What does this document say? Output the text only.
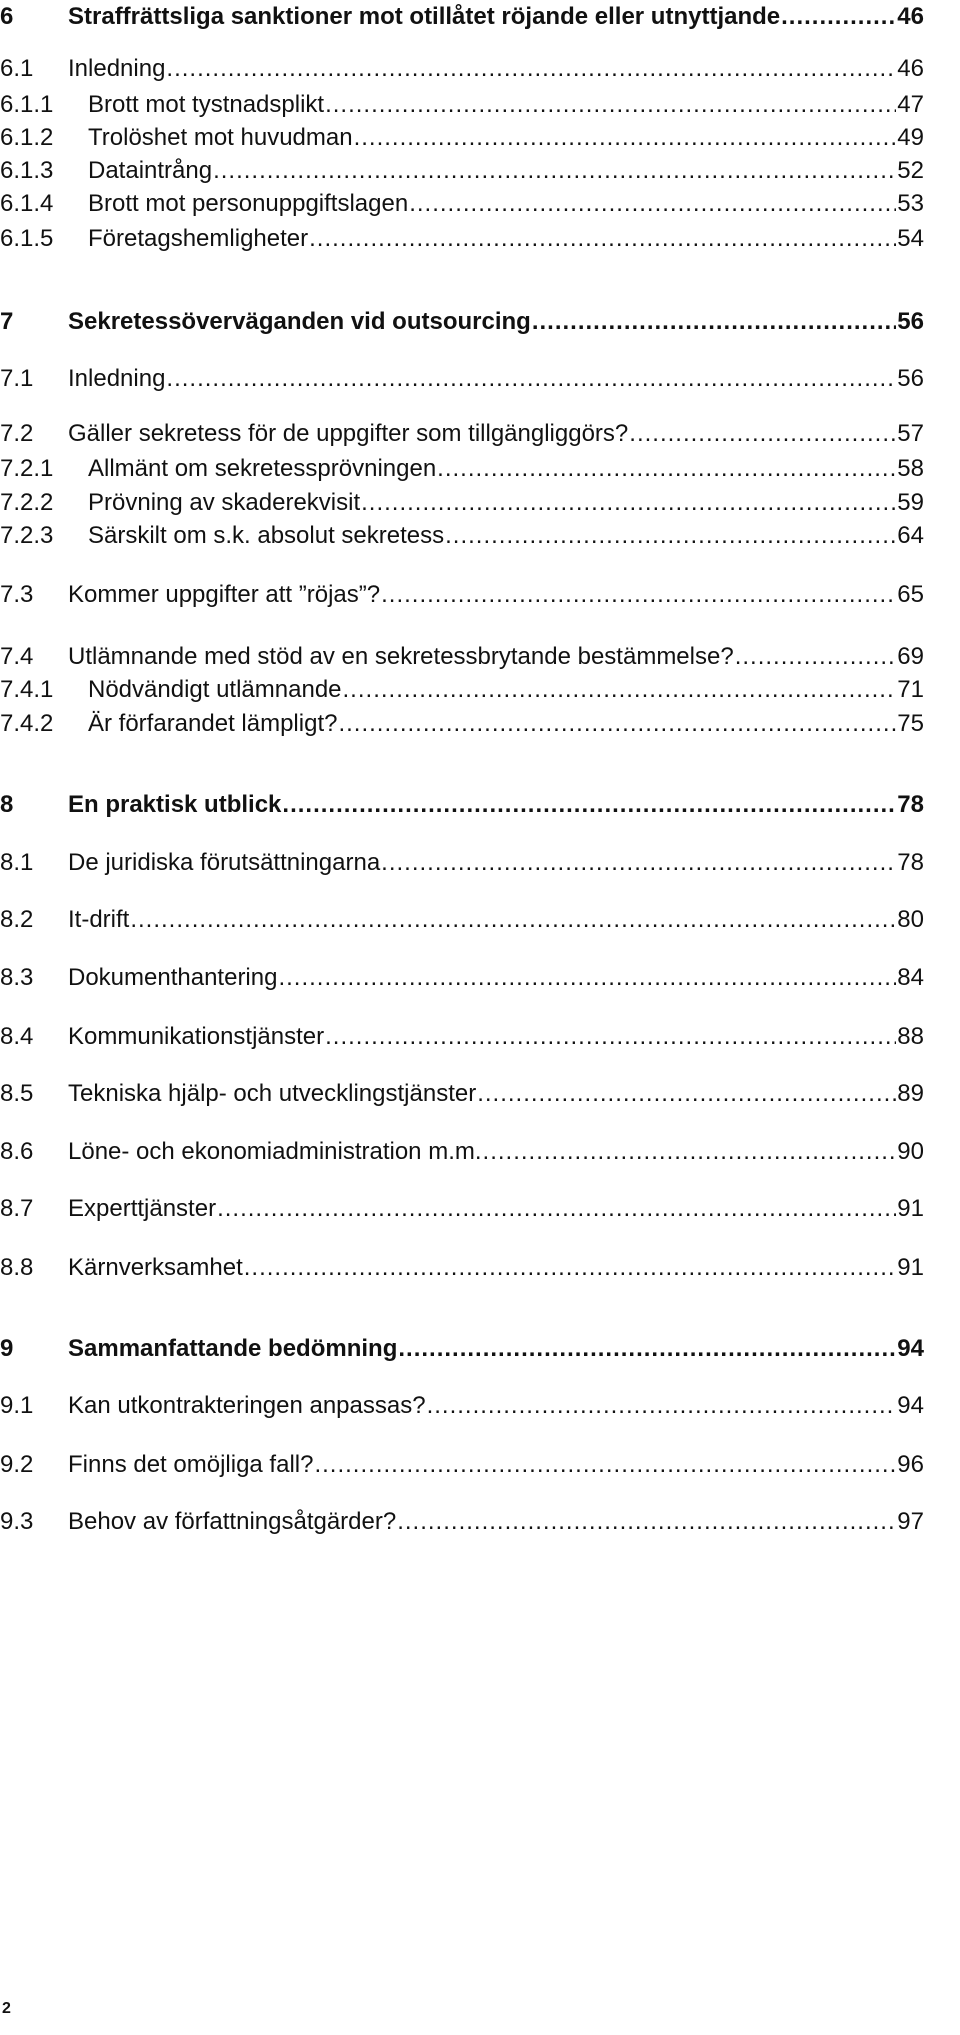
6	Straffrättsliga sanktioner mot otillåtet röjande eller utnyttjande .....	46
6.1	Inledning .....	46
6.1.1	Brott mot tystnadsplikt .....	47
6.1.2	Trolöshet mot huvudman .....	49
6.1.3	Dataintrång .....	52
6.1.4	Brott mot personuppgiftslagen .....	53
6.1.5	Företagshemligheter .....	54
7	Sekretessöverväganden vid outsourcing .....	56
7.1	Inledning .....	56
7.2	Gäller sekretess för de uppgifter som tillgängliggörs? .....	57
7.2.1	Allmänt om sekretessprövningen .....	58
7.2.2	Prövning av skaderekvisit .....	59
7.2.3	Särskilt om s.k. absolut sekretess .....	64
7.3	Kommer uppgifter att ”röjas”? .....	65
7.4	Utlämnande med stöd av en sekretessbrytande bestämmelse? .....	69
7.4.1	Nödvändigt utlämnande .....	71
7.4.2	Är förfarandet lämpligt? .....	75
8	En praktisk utblick .....	78
8.1	De juridiska förutsättningarna .....	78
8.2	It-drift .....	80
8.3	Dokumenthantering .....	84
8.4	Kommunikationstjänster .....	88
8.5	Tekniska hjälp- och utvecklingstjänster .....	89
8.6	Löne- och ekonomiadministration m.m. .....	90
8.7	Experttjänster .....	91
8.8	Kärnverksamhet .....	91
9	Sammanfattande bedömning .....	94
9.1	Kan utkontrakteringen anpassas? .....	94
9.2	Finns det omöjliga fall? .....	96
9.3	Behov av författningsåtgärder? .....	97
2
